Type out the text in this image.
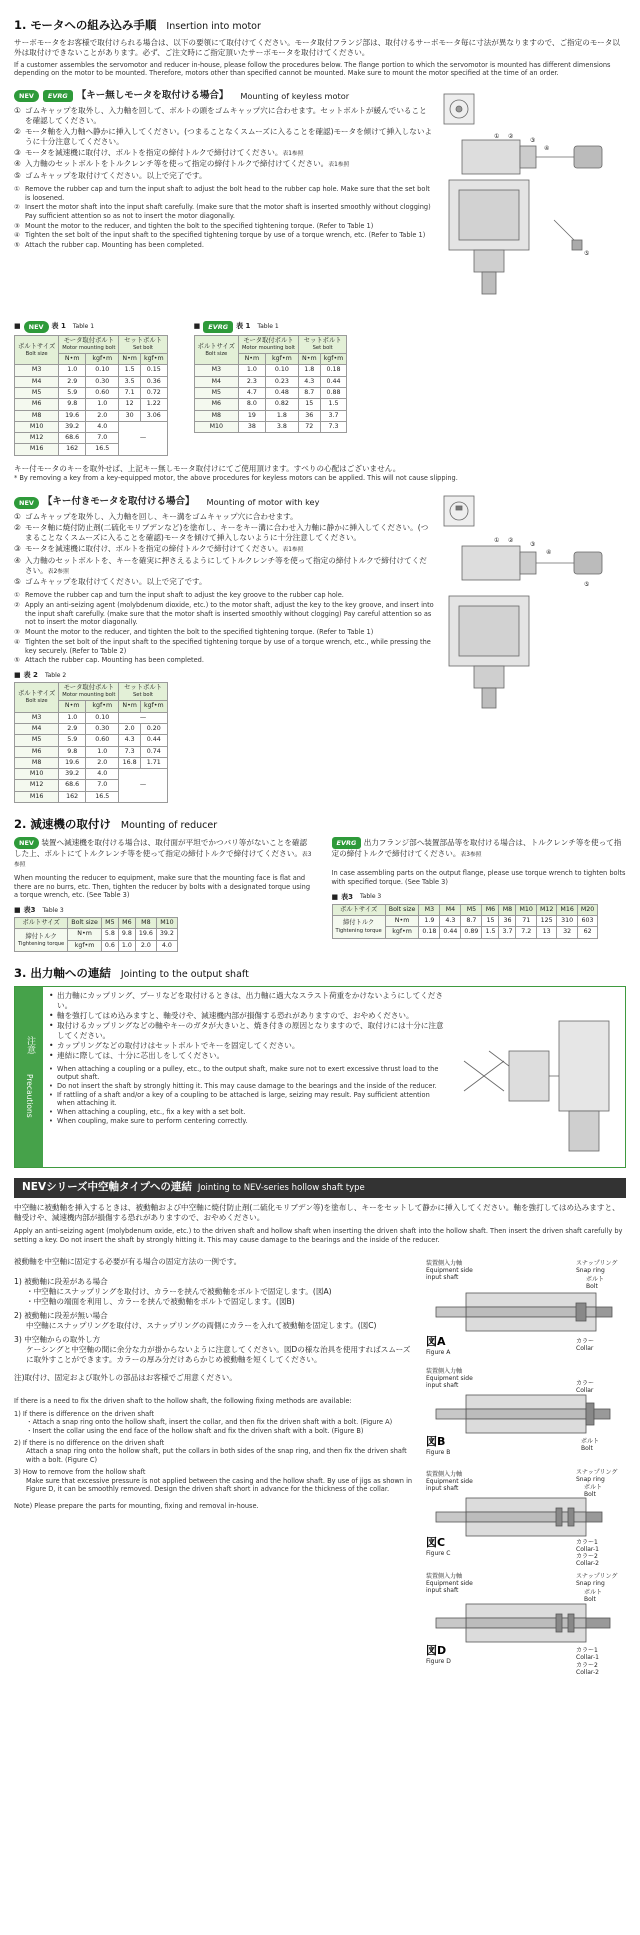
1. モータへの組み込み手順 Insertion into motor
サーボモータをお客様で取付けられる場合は、以下の要領にて取付けてください。モータ取付フランジ部は、取付けるサーボモータ毎に寸法が異なりますので、ご指定のモータ以外は取付けできないことがあります。必ず、ご注文時にご指定頂いたサーボモータを取付けてください。
If a customer assembles the servomotor and reducer in-house, please follow the procedures below. The flange portion to which the servomotor is mounted has different dimensions depending on the motor to be mounted. Therefore, motors other than specified cannot be mounted. Make sure to mount the motor specified at the time of an order.
NEV	EVRG 【キー無しモータを取付ける場合】 Mounting of keyless motor
① ゴムキャップを取外し、入力軸を回して、ボルトの頭をゴムキャップ穴に合わせます。セットボルトが緩んでいることを確認してください。
② モータ軸を入力軸へ静かに挿入してください。(つまることなくスムーズに入ることを確認)モータを傾けて挿入しないように十分注意してください。
③ モータを減速機に取付け、ボルトを指定の締付トルクで締付けてください。表1参照
④ 入力軸のセットボルトをトルクレンチ等を使って指定の締付トルクで締付けてください。表1参照
⑤ ゴムキャップを取付けてください。以上で完了です。
① Remove the rubber cap and turn the input shaft to adjust the bolt head to the rubber cap hole. Make sure that the set bolt is loosened.
② Insert the motor shaft into the input shaft carefully. (make sure that the motor shaft is inserted smoothly without clogging) Pay sufficient attention so as not to insert the motor diagonally.
③ Mount the motor to the reducer, and tighten the bolt to the specified tightening torque. (Refer to Table 1)
④ Tighten the set bolt of the input shaft to the specified tightening torque by use of a torque wrench, etc. (Refer to Table 1)
⑤ Attach the rubber cap. Mounting has been completed.
① ②
③
④
⑤
■	NEV	表 1 Table 1
ボルトサイズ
Bolt size	モータ取付ボルト
Motor mounting bolt		セットボルト
Set bolt	

	N•m	kgf•m	N•m	kgf•m
M3	1.0	0.10	1.5	0.15
M4	2.9	0.30	3.5	0.36
M5	5.9	0.60	7.1	0.72
M6	9.8	1.0	12	1.22
M8	19.6	2.0	30	3.06
M10	39.2	4.0	—	
M12	68.6	7.0		
M16	162	16.5		
■	EVRG	表 1 Table 1
ボルトサイズ
Bolt size	モータ取付ボルト
Motor mounting bolt		セットボルト
Set bolt	

	N•m	kgf•m	N•m	kgf•m
M3	1.0	0.10	1.8	0.18
M4	2.3	0.23	4.3	0.44
M5	4.7	0.48	8.7	0.88
M6	8.0	0.82	15	1.5
M8	19	1.8	36	3.7
M10	38	3.8	72	7.3
キー付モータのキーを取外せば、上記キー無しモータ取付けにてご使用頂けます。すべりの心配はございません。
* By removing a key from a key-equipped motor, the above procedures for keyless motors can be applied. This will not cause slipping.
NEV 【キー付きモータを取付ける場合】 Mounting of motor with key
① ゴムキャップを取外し、入力軸を回し、キー溝をゴムキャップ穴に合わせます。
② モータ軸に焼付防止剤(二硫化モリブデンなど)を塗布し、キーをキー溝に合わせ入力軸に静かに挿入してください。(つまることなくスムーズに入ることを確認)モータを傾けて挿入しないように十分注意してください。
③ モータを減速機に取付け、ボルトを指定の締付トルクで締付けてください。表1参照
④ 入力軸のセットボルトを、キーを確実に押さえるようにしてトルクレンチ等を使って指定の締付トルクで締付けてください。表2参照
⑤ ゴムキャップを取付けてください。以上で完了です。
① Remove the rubber cap and turn the input shaft to adjust the key groove to the rubber cap hole.
② Apply an anti-seizing agent (molybdenum dioxide, etc.) to the motor shaft, adjust the key to the key groove, and insert into the input shaft carefully. (make sure that the motor shaft is inserted smoothly without clogging) Pay careful attention so as not to insert the motor diagonally.
③ Mount the motor to the reducer, and tighten the bolt to the specified tightening torque. (Refer to Table 1)
④ Tighten the set bolt of the input shaft to the specified tightening torque by use of a torque wrench, etc., while pressing the key securely. (Refer to Table 2)
⑤ Attach the rubber cap. Mounting has been completed.
■ 表 2 Table 2
ボルトサイズ
Bolt size	モータ取付ボルト
Motor mounting bolt		セットボルト
Set bolt	

	N•m	kgf•m	N•m	kgf•m
M3	1.0	0.10	—	
M4	2.9	0.30	2.0	0.20
M5	5.9	0.60	4.3	0.44
M6	9.8	1.0	7.3	0.74
M8	19.6	2.0	16.8	1.71
M10	39.2	4.0	—	
M12	68.6	7.0		
M16	162	16.5		
① ②
③
④
⑤
2. 減速機の取付け Mounting of reducer
NEV 装置へ減速機を取付ける場合は、取付面が平坦でかつバリ等がないことを確認した上、ボルトにてトルクレンチ等を使って指定の締付トルクで締付けてください。表3参照
When mounting the reducer to equipment, make sure that the mounting face is flat and there are no burrs, etc. Then, tighten the reducer by bolts with a designated torque using a torque wrench, etc. (See Table 3)
■ 表3 Table 3
ボルトサイズ	Bolt size	M5	M6	M8	M10
締付トルク
Tightening torque	N•m	5.8	9.8	19.6	39.2
	kgf•m	0.6	1.0	2.0	4.0
EVRG 出力フランジ部へ装置部品等を取付ける場合は、トルクレンチ等を使って指定の締付トルクで締付けてください。表3参照
In case assembling parts on the output flange, please use torque wrench to tighten bolts with specified torque. (See Table 3)
■ 表3 Table 3
ボルトサイズ	Bolt size	M3	M4	M5	M6	M8	M10	M12	M16	M20
締付トルク
Tightening torque	N•m	1.9	4.3	8.7	15	36	71	125	310	603
	kgf•m	0.18	0.44	0.89	1.5	3.7	7.2	13	32	62
3. 出力軸への連結 Jointing to the output shaft
注意
Precautions
• 出力軸にカップリング、プーリなどを取付けるときは、出力軸に過大なスラスト荷重をかけないようにしてください。
• 軸を強打してはめ込みますと、軸受けや、減速機内部が損傷する恐れがありますので、おやめください。
• 取付けるカップリングなどの軸やキーのガタが大きいと、焼き付きの原因となりますので、取付けには十分に注意してください。
• カップリングなどの取付けはセットボルトでキーを固定してください。
• 連結に際しては、十分に芯出しをしてください。
• When attaching a coupling or a pulley, etc., to the output shaft, make sure not to exert excessive thrust load to the output shaft.
• Do not insert the shaft by strongly hitting it. This may cause damage to the bearings and the inside of the reducer.
• If rattling of a shaft and/or a key of a coupling to be attached is large, seizing may result. Pay sufficient attention when attaching it.
• When attaching a coupling, etc., fix a key with a set bolt.
• When coupling, make sure to perform centering correctly.
NEVシリーズ中空軸タイプへの連結 Jointing to NEV-series hollow shaft type
中空軸に被動軸を挿入するときは、被動軸および中空軸に焼付防止剤(二硫化モリブデン等)を塗布し、キーをセットして静かに挿入してください。軸を強打してはめ込みますと、軸受けや、減速機内部が損傷する恐れがありますので、おやめください。
Apply an anti-seizing agent (molybdenum oxide, etc.) to the driven shaft and hollow shaft when inserting the driven shaft into the hollow shaft. Then insert the driven shaft carefully by setting a key. Do not insert the shaft by strongly hitting it. This may cause damage to the bearings and the inside of the reducer.
被動軸を中空軸に固定する必要が有る場合の固定方法の一例です。
1) 被動軸に段差がある場合
・中空軸にスナップリングを取付け、カラーを挟んで被動軸をボルトで固定します。(図A)
・中空軸の端面を利用し、カラーを挟んで被動軸をボルトで固定します。(図B)
2) 被動軸に段差が無い場合
中空軸にスナップリングを取付け、スナップリングの両側にカラーを入れて被動軸を固定します。(図C)
3) 中空軸からの取外し方
ケーシングと中空軸の間に余分な力が掛からないように注意してください。図Dの様な治具を使用すればスムーズに取外すことができます。カラーの厚み分だけあらかじめ被動軸を短くしてください。
注)取付け、固定および取外しの部品はお客様でご用意ください。
If there is a need to fix the driven shaft to the hollow shaft, the following fixing methods are available:
1) If there is difference on the driven shaft
・Attach a snap ring onto the hollow shaft, insert the collar, and then fix the driven shaft with a bolt. (Figure A)
・Insert the collar using the end face of the hollow shaft and fix the driven shaft with a bolt. (Figure B)
2) If there is no difference on the driven shaft
Attach a snap ring onto the hollow shaft, put the collars in both sides of the snap ring, and then fix the driven shaft with a bolt. (Figure C)
3) How to remove from the hollow shaft
Make sure that excessive pressure is not applied between the casing and the hollow shaft. By use of jigs as shown in Figure D, it can be smoothly removed. Design the driven shaft short in advance for the thickness of the collar.
Note) Please prepare the parts for mounting, fixing and removal in-house.
装置側入力軸
Equipment side
input shaft
スナップリング
Snap ring
ボルト
Bolt
カラー
Collar
図A
Figure A

装置側入力軸
Equipment side
input shaft	カラー
Collar
ボルト
Bolt
図B
Figure B

装置側入力軸
Equipment side
input shaft
スナップリング
Snap ring
ボルト
Bolt
カラー1
Collar-1
カラー2
Collar-2
図C
Figure C

装置側入力軸
Equipment side
input shaft
スナップリング
Snap ring
ボルト
Bolt
カラー1
Collar-1
カラー2
Collar-2
図D
Figure D
